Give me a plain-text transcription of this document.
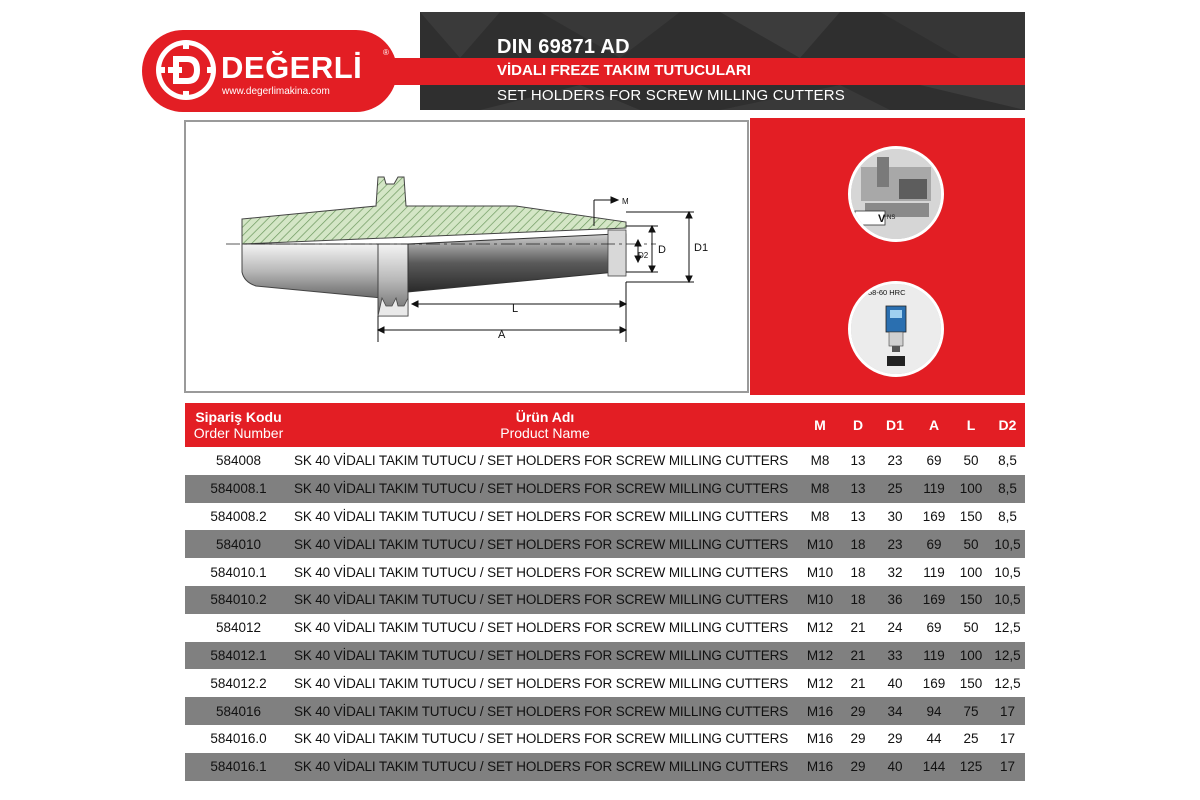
DEĞERLİ	®
www.degerlimakina.com
DIN 69871 AD
VİDALI FREZE TAKIM TUTUCULARI
SET HOLDERS FOR SCREW MILLING CUTTERS
M
D	D1
D2
L
A
V NS
58-60 HRC
Sipariş Kodu
Order Number	Ürün Adı
Product Name	M	D	D1	A	L	D2
584008	SK 40 VİDALI TAKIM TUTUCU / SET HOLDERS FOR SCREW MILLING CUTTERS	M8	13	23	69	50	8,5
584008.1	SK 40 VİDALI TAKIM TUTUCU / SET HOLDERS FOR SCREW MILLING CUTTERS	M8	13	25	119	100	8,5
584008.2	SK 40 VİDALI TAKIM TUTUCU / SET HOLDERS FOR SCREW MILLING CUTTERS	M8	13	30	169	150	8,5
584010	SK 40 VİDALI TAKIM TUTUCU / SET HOLDERS FOR SCREW MILLING CUTTERS	M10	18	23	69	50	10,5
584010.1	SK 40 VİDALI TAKIM TUTUCU / SET HOLDERS FOR SCREW MILLING CUTTERS	M10	18	32	119	100	10,5
584010.2	SK 40 VİDALI TAKIM TUTUCU / SET HOLDERS FOR SCREW MILLING CUTTERS	M10	18	36	169	150	10,5
584012	SK 40 VİDALI TAKIM TUTUCU / SET HOLDERS FOR SCREW MILLING CUTTERS	M12	21	24	69	50	12,5
584012.1	SK 40 VİDALI TAKIM TUTUCU / SET HOLDERS FOR SCREW MILLING CUTTERS	M12	21	33	119	100	12,5
584012.2	SK 40 VİDALI TAKIM TUTUCU / SET HOLDERS FOR SCREW MILLING CUTTERS	M12	21	40	169	150	12,5
584016	SK 40 VİDALI TAKIM TUTUCU / SET HOLDERS FOR SCREW MILLING CUTTERS	M16	29	34	94	75	17
584016.0	SK 40 VİDALI TAKIM TUTUCU / SET HOLDERS FOR SCREW MILLING CUTTERS	M16	29	29	44	25	17
584016.1	SK 40 VİDALI TAKIM TUTUCU / SET HOLDERS FOR SCREW MILLING CUTTERS	M16	29	40	144	125	17
